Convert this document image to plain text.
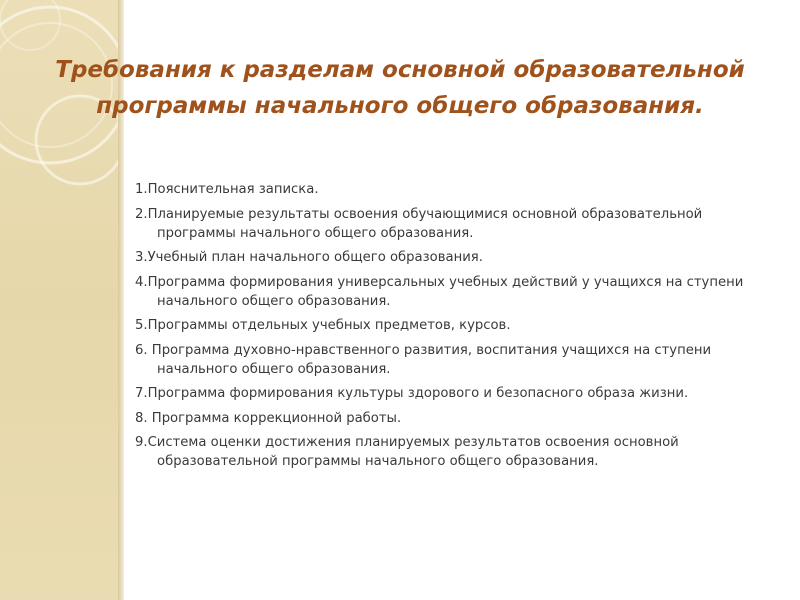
Требования к разделам основной образовательной программы начального общего образования.
1.Пояснительная записка.
2.Планируемые результаты освоения обучающимися основной образовательной программы начального общего образования.
3.Учебный план начального общего образования.
4.Программа формирования универсальных учебных действий у учащихся на ступени начального общего образования.
5.Программы отдельных учебных предметов, курсов.
6. Программа духовно-нравственного развития, воспитания учащихся на ступени начального общего образования.
7.Программа формирования культуры здорового и безопасного образа жизни.
8. Программа коррекционной работы.
9.Система оценки достижения планируемых результатов освоения основной образовательной программы начального общего образования.
